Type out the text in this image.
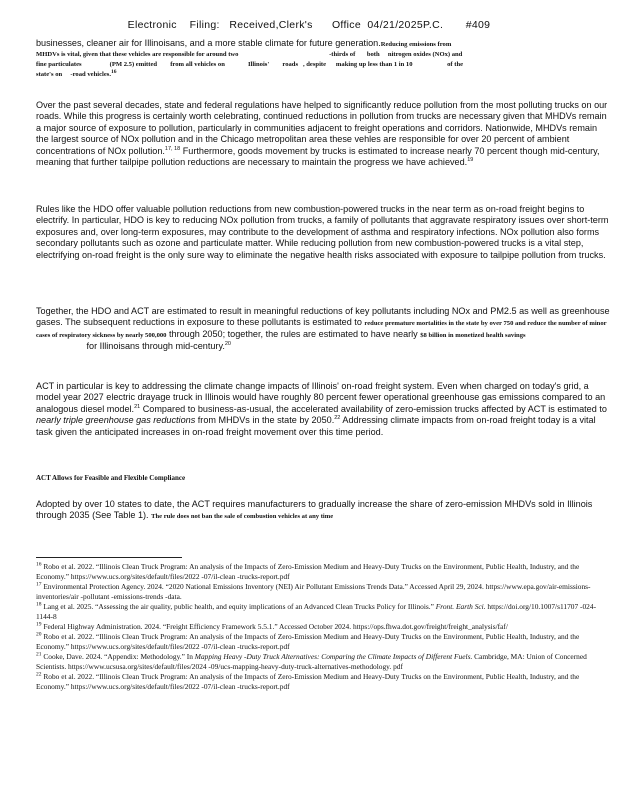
Electronic    Filing:   Received,Clerk's      Office  04/21/2025P.C.       #409

businesses, cleaner air for Illinoisans, and a more stable climate for future generation.Reducing emissions from

MHDVs is vital, given that these vehicles are responsible for around two                                                       -thirds of       both     nitrogen oxides (NOx) and

fine particulates                 (PM 2.5) emitted        from all vehicles on              Illinois'        roads   , despite      making up less than 1 in 10                     of the

state's on     -road vehicles.$^{16}$

Over the past several decades, state and federal regulations have helped to significantly reduce pollution from the most polluting trucks on our roads. While this progress is certainly worth celebrating, continued reductions in pollution from trucks are necessary given that MHDVs remain a major source of exposure to pollution, particularly in communities adjacent to freight operations and corridors. Nationwide, MHDVs remain the largest source of NOx pollution and in the Chicago metropolitan area these vehles are responsible for over 20 percent of ambient concentrations of NOx pollution.$^{17, 18}$ Furthermore, goods movement by trucks is estimated to increase nearly 70 percent though mid-century, meaning that further tailpipe pollution reductions are necessary to maintain the progress we have achieved.$^{19}$

Rules like the HDO offer valuable pollution reductions from new combustion-powered trucks in the near term as on-road freight begins to electrify. In particular, HDO is key to reducing NOx pollution from trucks, a family of pollutants that aggravate respiratory issues over short-term exposures and, over long-term exposures, may contribute to the development of asthma and respiratory infections. NOx pollution also forms secondary pollutants such as ozone and particulate matter. While reducing pollution from new combustion-powered trucks is a vital step, electrifying on-road freight is the only sure way to eliminate the negative health risks associated with exposure to tailpipe pollution from trucks.

Together, the HDO and ACT are estimated to result in meaningful reductions of key pollutants including NOx and PM2.5 as well as greenhouse gases. The subsequent reductions in exposure to these pollutants is estimated to reduce premature mortalities in the state by over 750 and reduce the number of minor cases of respiratory sickness by nearly 500,000 through 2050; together, the rules are estimated to have nearly $8 billion in monetized health savings                    for Illinoisans through mid-century.$^{20}$

ACT in particular is key to addressing the climate change impacts of Illinois' on-road freight system. Even when charged on today's grid, a model year 2027 electric drayage truck in Illinois would have roughly 80 percent fewer operational greenhouse gas emissions compared to an analogous diesel model.$^{21}$ Compared to business-as-usual, the accelerated availability of zero-emission trucks affected by ACT is estimated to nearly triple greenhouse gas reductions from MHDVs in the state by 2050.22 Addressing climate impacts from on-road freight today is a vital task given the anticipated increases in on-road freight movement over this time period.

ACT Allows for Feasible and Flexible Compliance

Adopted by over 10 states to date, the ACT requires manufacturers to gradually increase the share of zero-emission MHDVs sold in Illinois through 2035 (See Table 1). The rule does not ban the sale of combustion vehicles at any time

$^{16}$ Robo et al. 2022. “Illinois Clean Truck Program: An analysis of the Impacts of Zero-Emission Medium and Heavy-Duty Trucks on the Environment, Public Health, Industry, and the Economy.” https://www.ucs.org/sites/default/files/2022 -07/il-clean -trucks-report.pdf

$^{17}$ Environmental Protection Agency. 2024. “2020 National Emissions Inventory (NEI) Air Pollutant Emissions Trends Data.” Accessed April 29, 2024. https://www.epa.gov/air-emissions-inventories/air -pollutant -emissions-trends -data.

$^{18}$ Lang et al. 2025. “Assessing the air quality, public health, and equity implications of an Advanced Clean Trucks Policy for Illinois.” Front. Earth Sci. https://doi.org/10.1007/s11707 -024-1144-8

$^{19}$ Federal Highway Administration. 2024. “Freight Efficiency Framework 5.5.1.” Accessed October 2024. https://ops.fhwa.dot.gov/freight/freight_analysis/faf/

$^{20}$ Robo et al. 2022. “Illinois Clean Truck Program: An analysis of the Impacts of Zero-Emission Medium and Heavy-Duty Trucks on the Environment, Public Health, Industry, and the Economy.” https://www.ucs.org/sites/default/files/2022 -07/il-clean -trucks-report.pdf

$^{21}$ Cooke, Dave. 2024. “Appendix: Methodology.” In Mapping Heavy -Duty Truck Alternatives: Comparing the Climate Impacts of Different Fuels. Cambridge, MA: Union of Concerned Scientists. https://www.ucsusa.org/sites/default/files/2024 -09/ucs-mapping-heavy-duty-truck-alternatives-methodology. pdf

$^{22}$ Robo et al. 2022. “Illinois Clean Truck Program: An analysis of the Impacts of Zero-Emission Medium and Heavy-Duty Trucks on the Environment, Public Health, Industry, and the Economy.” https://www.ucs.org/sites/default/files/2022 -07/il-clean -trucks-report.pdf
